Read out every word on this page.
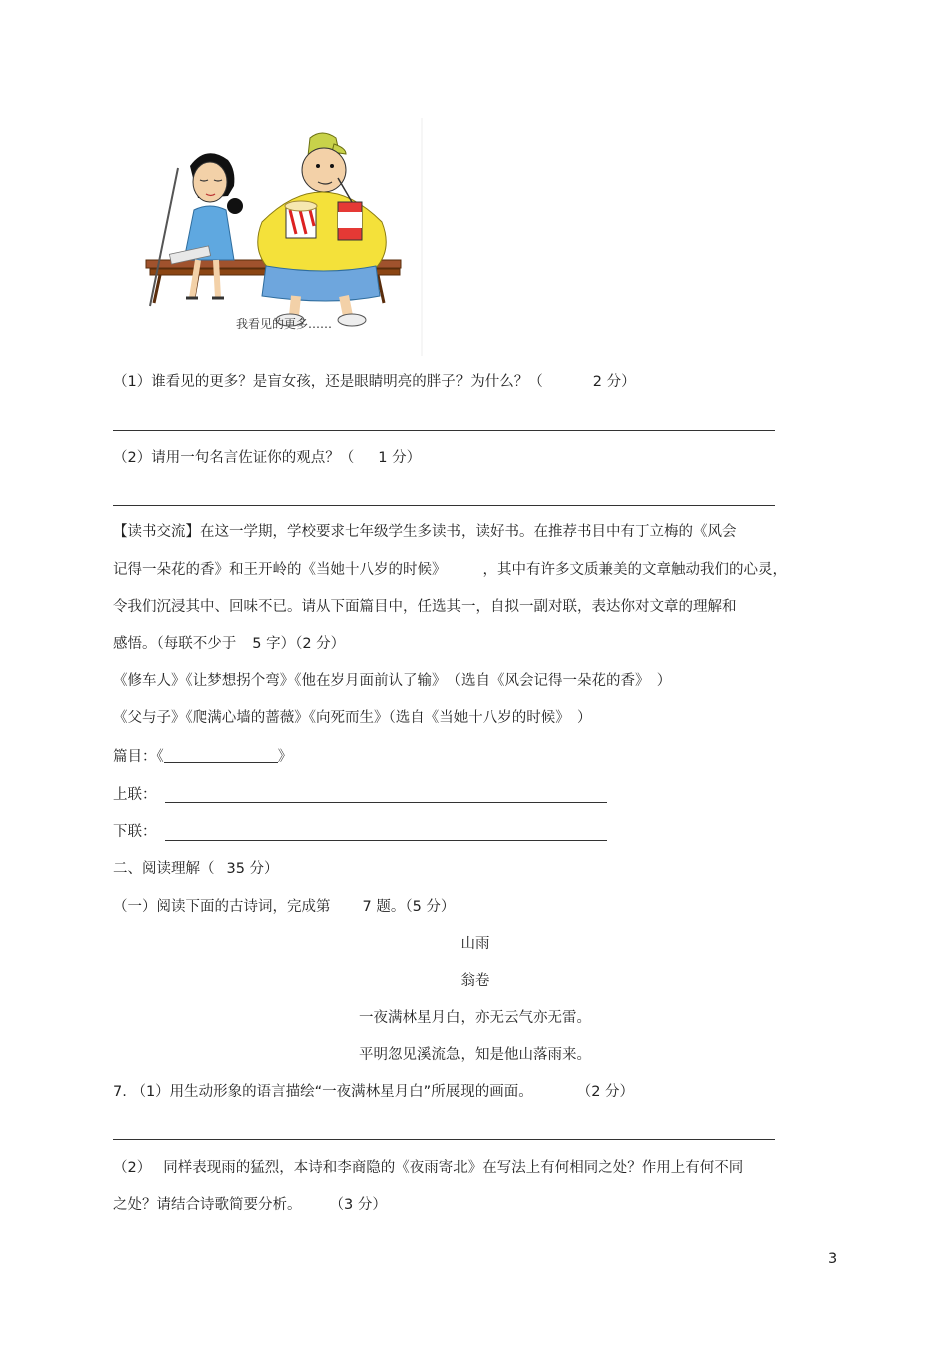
我看见的更多……
（1）谁看见的更多？是盲女孩，还是眼睛明亮的胖子？为什么？（	2 分）
（2）请用一句名言佐证你的观点？（ 1 分）
【读书交流】在这一学期，学校要求七年级学生多读书，读好书。在推荐书目中有丁立梅的《风会
记得一朵花的香》和王开岭的《当她十八岁的时候》 ，其中有许多文质兼美的文章触动我们的心灵，
令我们沉浸其中、回味不已。请从下面篇目中，任选其一，自拟一副对联，表达你对文章的理解和
感悟。（每联不少于 5 字）（2 分）
《修车人》《让梦想拐个弯》《他在岁月面前认了输》　（选自《风会记得一朵花的香》　）
《父与子》《爬满心墙的蔷薇》《向死而生》（选自《当她十八岁的时候》　）
篇目：《	》
上联：
下联：
二、阅读理解（ 35 分）
（一）阅读下面的古诗词，完成第 7 题。（5 分）
山雨
翁卷
一夜满林星月白，亦无云气亦无雷。
平明忽见溪流急，知是他山落雨来。
7. （1）用生动形象的语言描绘“一夜满林星月白”所展现的画面。	（2 分）
（2） 同样表现雨的猛烈，本诗和李商隐的《夜雨寄北》在写法上有何相同之处？作用上有何不同
之处？请结合诗歌简要分析。 （3 分）
3
